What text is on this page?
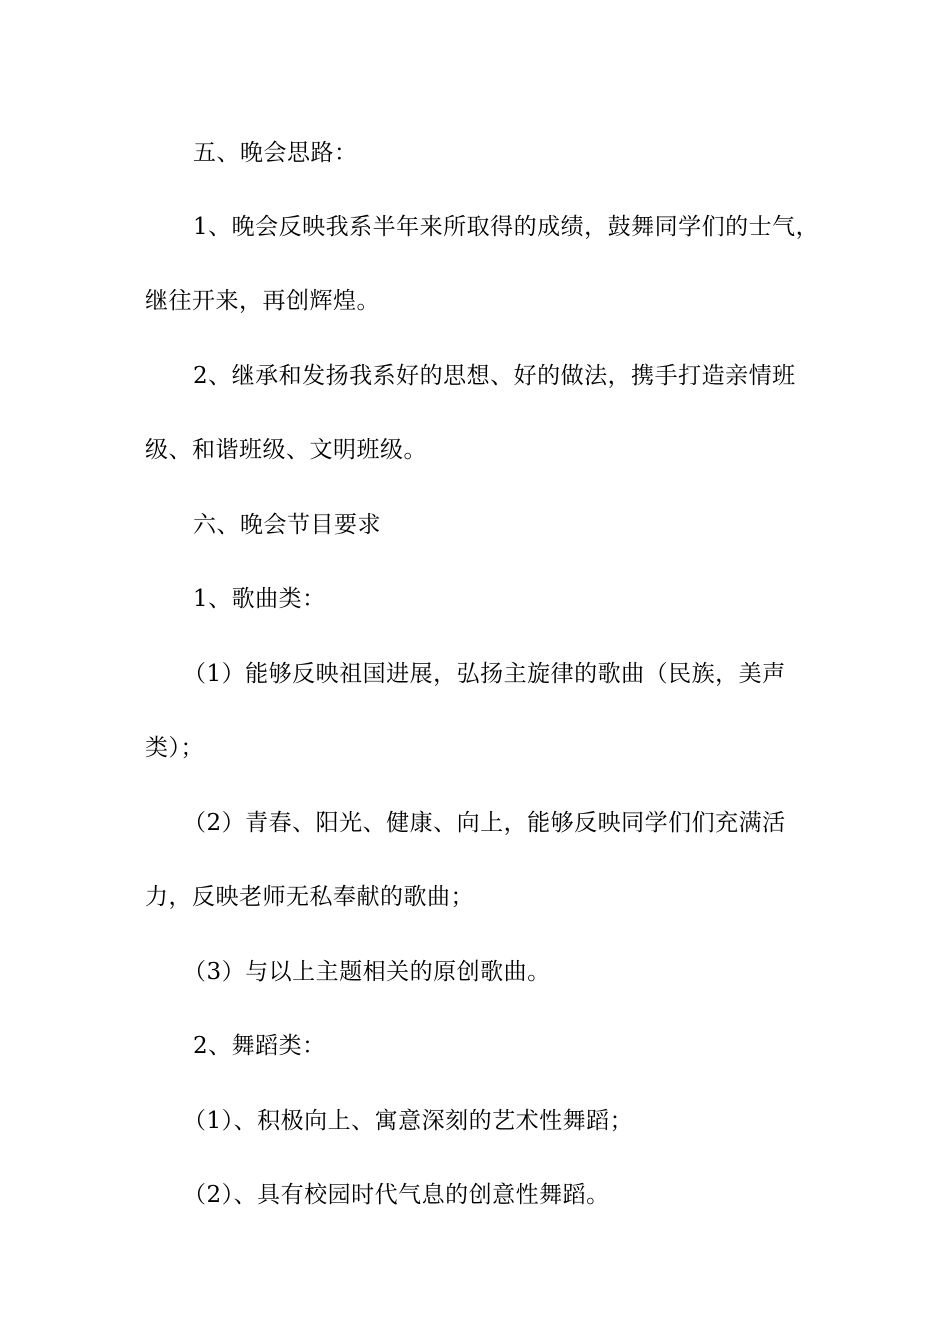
五、晚会思路：
1、晚会反映我系半年来所取得的成绩，鼓舞同学们的士气，
继往开来，再创辉煌。
2、继承和发扬我系好的思想、好的做法，携手打造亲情班
级、和谐班级、文明班级。
六、晚会节目要求
1、歌曲类：
（1）能够反映祖国进展，弘扬主旋律的歌曲（民族，美声
类）；
（2）青春、阳光、健康、向上，能够反映同学们们充满活
力，反映老师无私奉献的歌曲；
（3）与以上主题相关的原创歌曲。
2、舞蹈类：
（1）、积极向上、寓意深刻的艺术性舞蹈；
（2）、具有校园时代气息的创意性舞蹈。
